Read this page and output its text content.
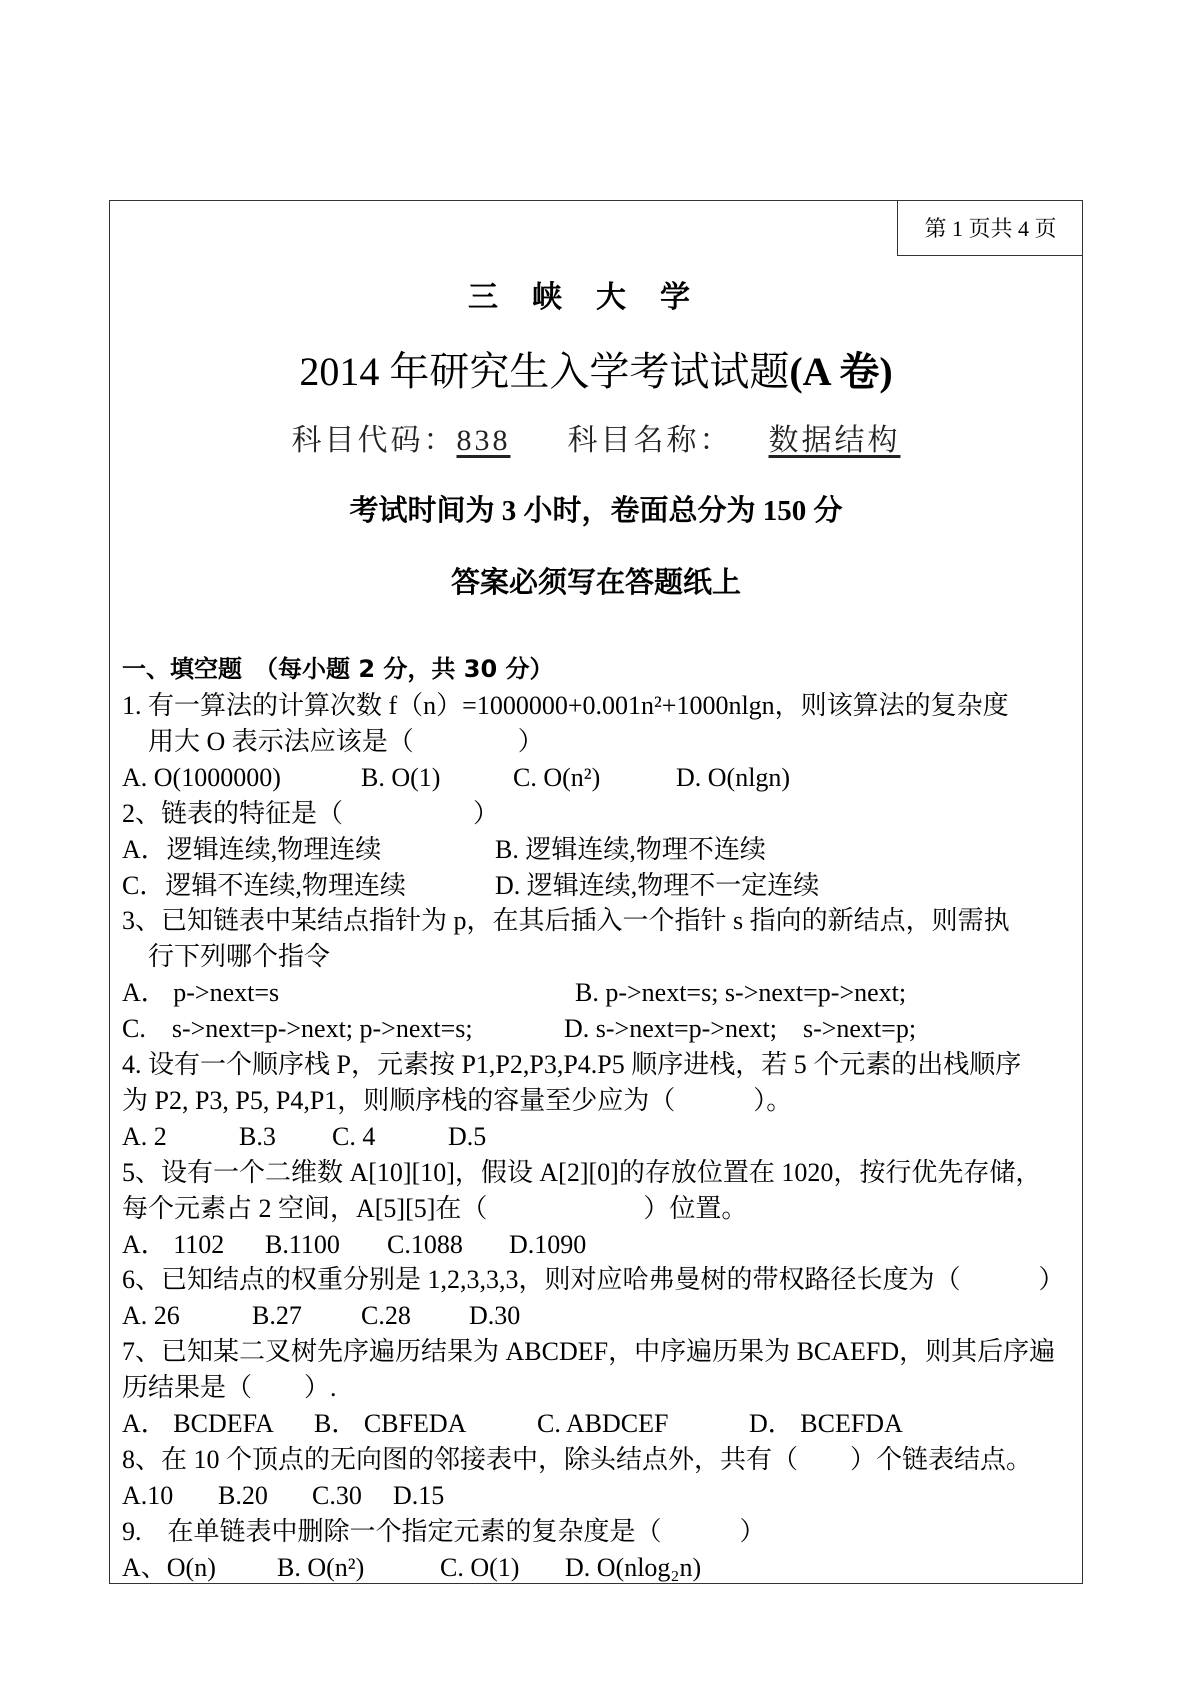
第 1 页共 4 页
三峡大学
2014 年研究生入学考试试题(A 卷)
科目代码：838 科目名称： 数据结构
考试时间为 3 小时，卷面总分为 150 分
答案必须写在答题纸上
一、填空题　（每小题 2 分，共 30 分）
1. 有一算法的计算次数 f（n）=1000000+0.001n²+1000nlgn，则该算法的复杂度
　用大 O 表示法应该是（　　　　）
A. O(1000000)	B. O(1)	C. O(n²)	D. O(nlgn)
2、链表的特征是（　　　　　）
A．逻辑连续,物理连续	B. 逻辑连续,物理不连续
C．逻辑不连续,物理连续	D. 逻辑连续,物理不一定连续
3、已知链表中某结点指针为 p，在其后插入一个指针 s 指向的新结点，则需执
　行下列哪个指令
A． p->next=s	B. p->next=s; s->next=p->next;
C.　s->next=p->next; p->next=s;	D. s->next=p->next;　s->next=p;
4. 设有一个顺序栈 P，元素按 P1,P2,P3,P4.P5 顺序进栈，若 5 个元素的出栈顺序
为 P2, P3, P5, P4,P1，则顺序栈的容量至少应为（　　　）。
A. 2	B.3 C. 4	D.5
5、设有一个二维数 A[10][10]，假设 A[2][0]的存放位置在 1020，按行优先存储，
每个元素占 2 空间，A[5][5]在（　　　　　　）位置。
A． 1102 B.1100 C.1088 D.1090
6、已知结点的权重分别是 1,2,3,3,3，则对应哈弗曼树的带权路径长度为（　　　）
A. 26	B.27 C.28 D.30
7、已知某二叉树先序遍历结果为 ABCDEF，中序遍历果为 BCAEFD，则其后序遍
历结果是（　　）.
A． BCDEFA B． CBFEDA	C. ABDCEF	D． BCEFDA
8、在 10 个顶点的无向图的邻接表中，除头结点外，共有（　　）个链表结点。
A.10 B.20 C.30 D.15
9.　在单链表中删除一个指定元素的复杂度是（　　　）
A、O(n) B. O(n²)	C. O(1) D. O(nlog₂n)
